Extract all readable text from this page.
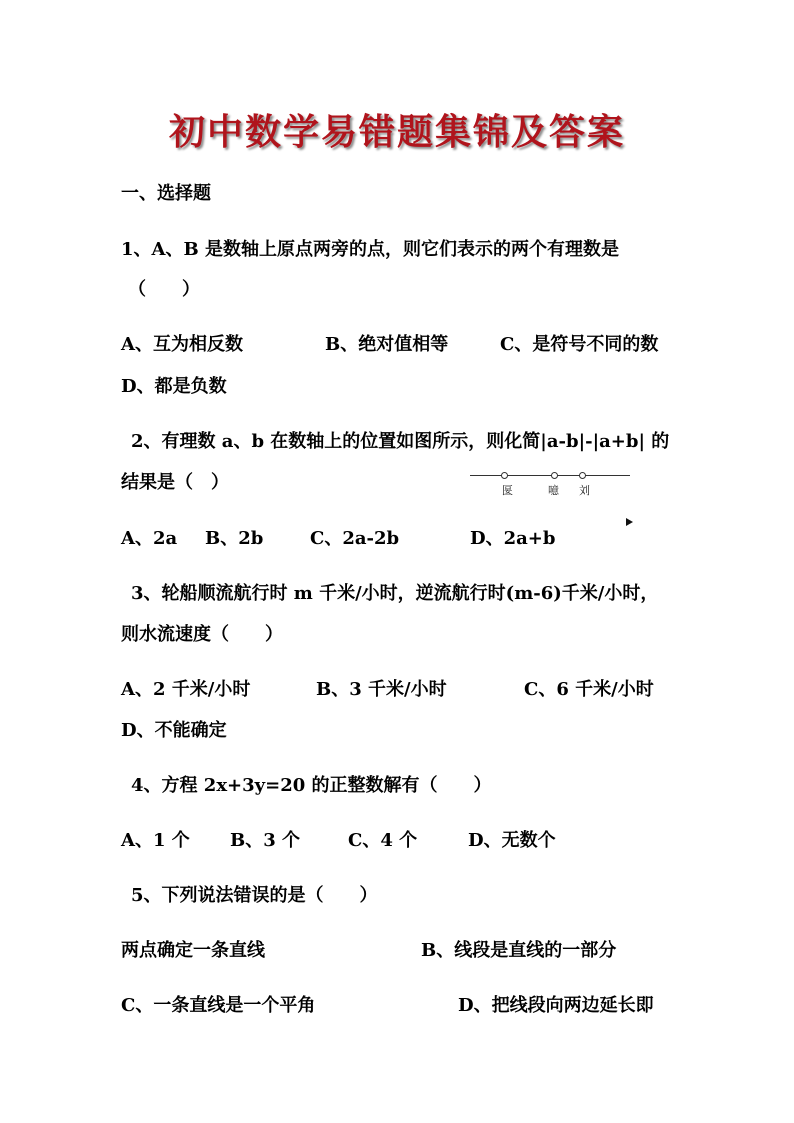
初中数学易错题集锦及答案
一、选择题
1、A、B 是数轴上原点两旁的点，则它们表示的两个有理数是
（　　）
A、互为相反数	B、绝对值相等	C、是符号不同的数
D、都是负数
2、有理数 a、b 在数轴上的位置如图所示，则化简|a-b|-|a+b| 的
结果是（　）	匽	噫 刘
A、2a B、2b	C、2a-2b	D、2a+b
3、轮船顺流航行时 m 千米/小时，逆流航行时(m-6)千米/小时，
则水流速度（　　）
A、2 千米/小时	B、3 千米/小时	C、6 千米/小时
D、不能确定
4、方程 2x+3y=20 的正整数解有（　　）
A、1 个 B、3 个	C、4 个	D、无数个
5、下列说法错误的是（　　）
两点确定一条直线	B、线段是直线的一部分
C、一条直线是一个平角	D、把线段向两边延长即
